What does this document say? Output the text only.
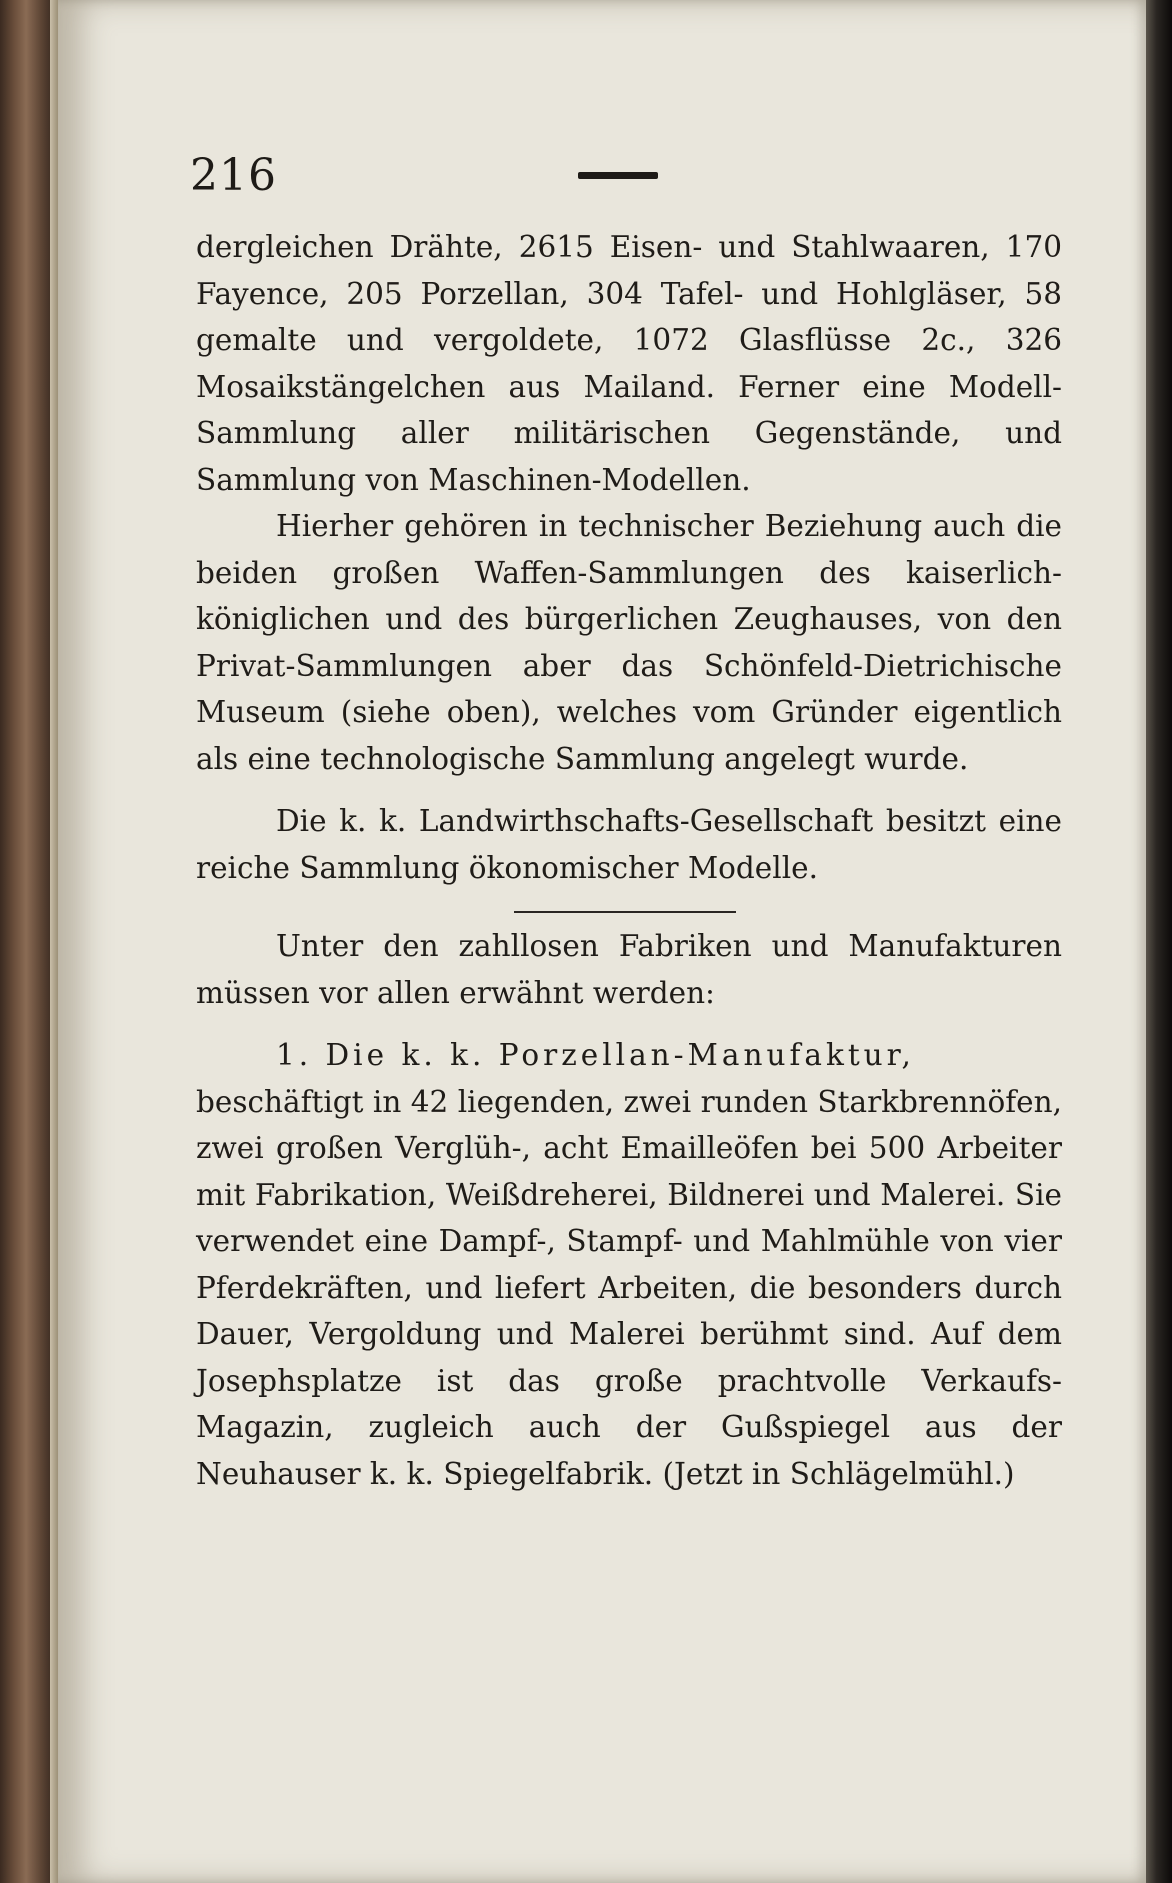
216

dergleichen Drähte, 2615 Eisen- und Stahlwaaren, 170 Fayence, 205 Porzellan, 304 Tafel- und Hohlgläser, 58 gemalte und vergoldete, 1072 Glasflüsse 2c., 326 Mosaikstängelchen aus Mailand. Ferner eine Modell-Sammlung aller militärischen Gegenstände, und Sammlung von Maschinen-Modellen.

Hierher gehören in technischer Beziehung auch die beiden großen Waffen-Sammlungen des kaiserlich-königlichen und des bürgerlichen Zeughauses, von den Privat-Sammlungen aber das Schönfeld-Dietrichische Museum (siehe oben), welches vom Gründer eigentlich als eine technologische Sammlung angelegt wurde.

Die k. k. Landwirthschafts-Gesellschaft besitzt eine reiche Sammlung ökonomischer Modelle.

Unter den zahllosen Fabriken und Manufakturen müssen vor allen erwähnt werden:

1. Die k. k. Porzellan-Manufaktur,

beschäftigt in 42 liegenden, zwei runden Starkbrennöfen, zwei großen Verglüh-, acht Emailleöfen bei 500 Arbeiter mit Fabrikation, Weißdreherei, Bildnerei und Malerei. Sie verwendet eine Dampf-, Stampf- und Mahlmühle von vier Pferdekräften, und liefert Arbeiten, die besonders durch Dauer, Vergoldung und Malerei berühmt sind. Auf dem Josephsplatze ist das große prachtvolle Verkaufs-Magazin, zugleich auch der Gußspiegel aus der Neuhauser k. k. Spiegelfabrik. (Jetzt in Schlägelmühl.)
